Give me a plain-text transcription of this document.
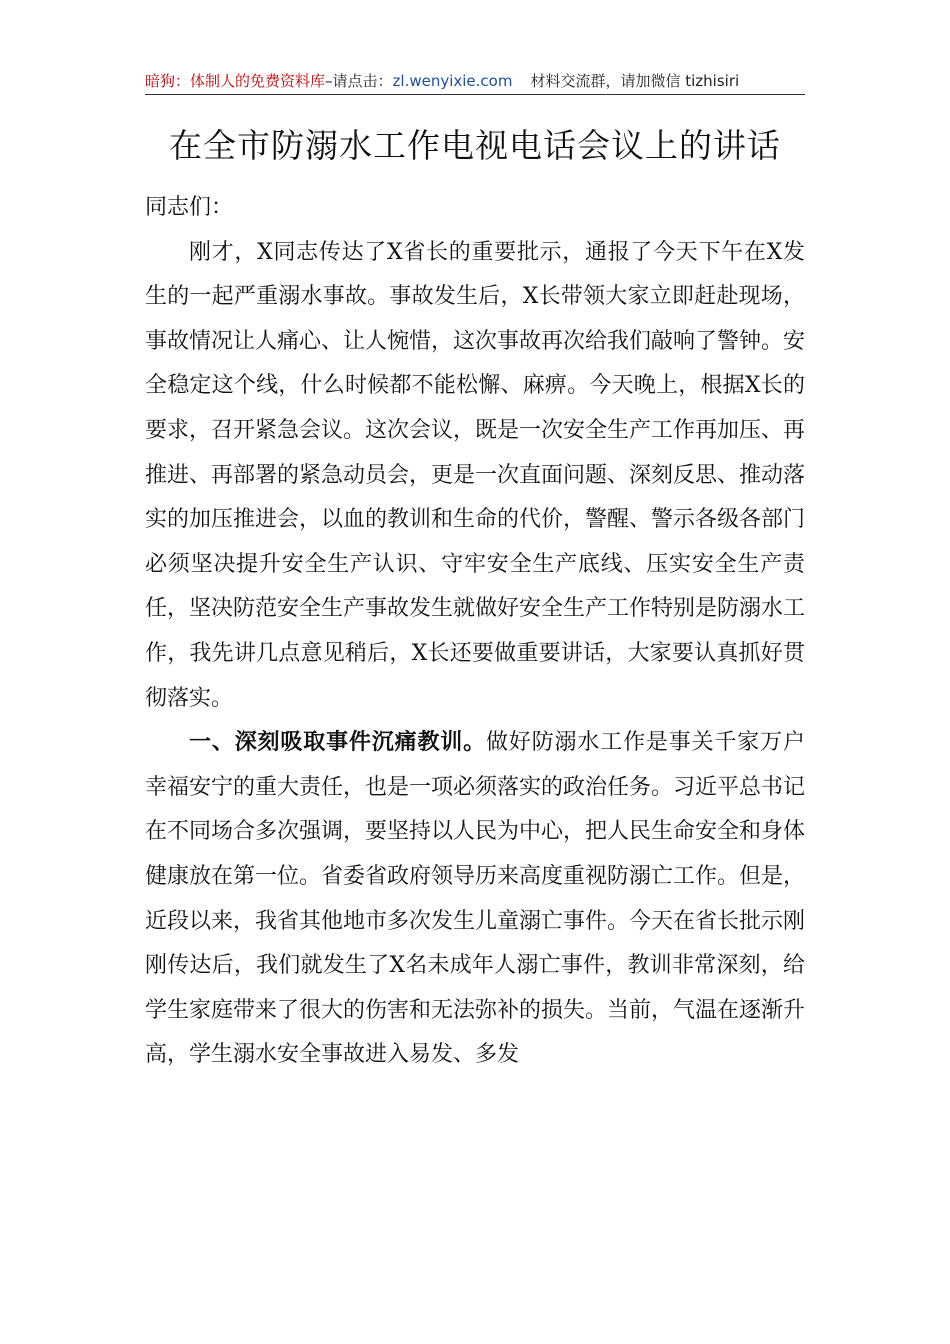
暗狗：体制人的免费资料库–请点击：zl.wenyixie.com 材料交流群，请加微信 tizhisiri
在全市防溺水工作电视电话会议上的讲话

同志们：

刚才，X同志传达了X省长的重要批示，通报了今天下午在X发生的一起严重溺水事故。事故发生后，X长带领大家立即赶赴现场，事故情况让人痛心、让人惋惜，这次事故再次给我们敲响了警钟。安全稳定这个线，什么时候都不能松懈、麻痹。今天晚上，根据X长的要求，召开紧急会议。这次会议，既是一次安全生产工作再加压、再推进、再部署的紧急动员会，更是一次直面问题、深刻反思、推动落实的加压推进会，以血的教训和生命的代价，警醒、警示各级各部门必须坚决提升安全生产认识、守牢安全生产底线、压实安全生产责任，坚决防范安全生产事故发生就做好安全生产工作特别是防溺水工作，我先讲几点意见稍后，X长还要做重要讲话，大家要认真抓好贯彻落实。

一、深刻吸取事件沉痛教训。做好防溺水工作是事关千家万户幸福安宁的重大责任，也是一项必须落实的政治任务。习近平总书记在不同场合多次强调，要坚持以人民为中心，把人民生命安全和身体健康放在第一位。省委省政府领导历来高度重视防溺亡工作。但是，近段以来，我省其他地市多次发生儿童溺亡事件。今天在省长批示刚刚传达后，我们就发生了X名未成年人溺亡事件，教训非常深刻，给学生家庭带来了很大的伤害和无法弥补的损失。当前，气温在逐渐升高，学生溺水安全事故进入易发、多发
